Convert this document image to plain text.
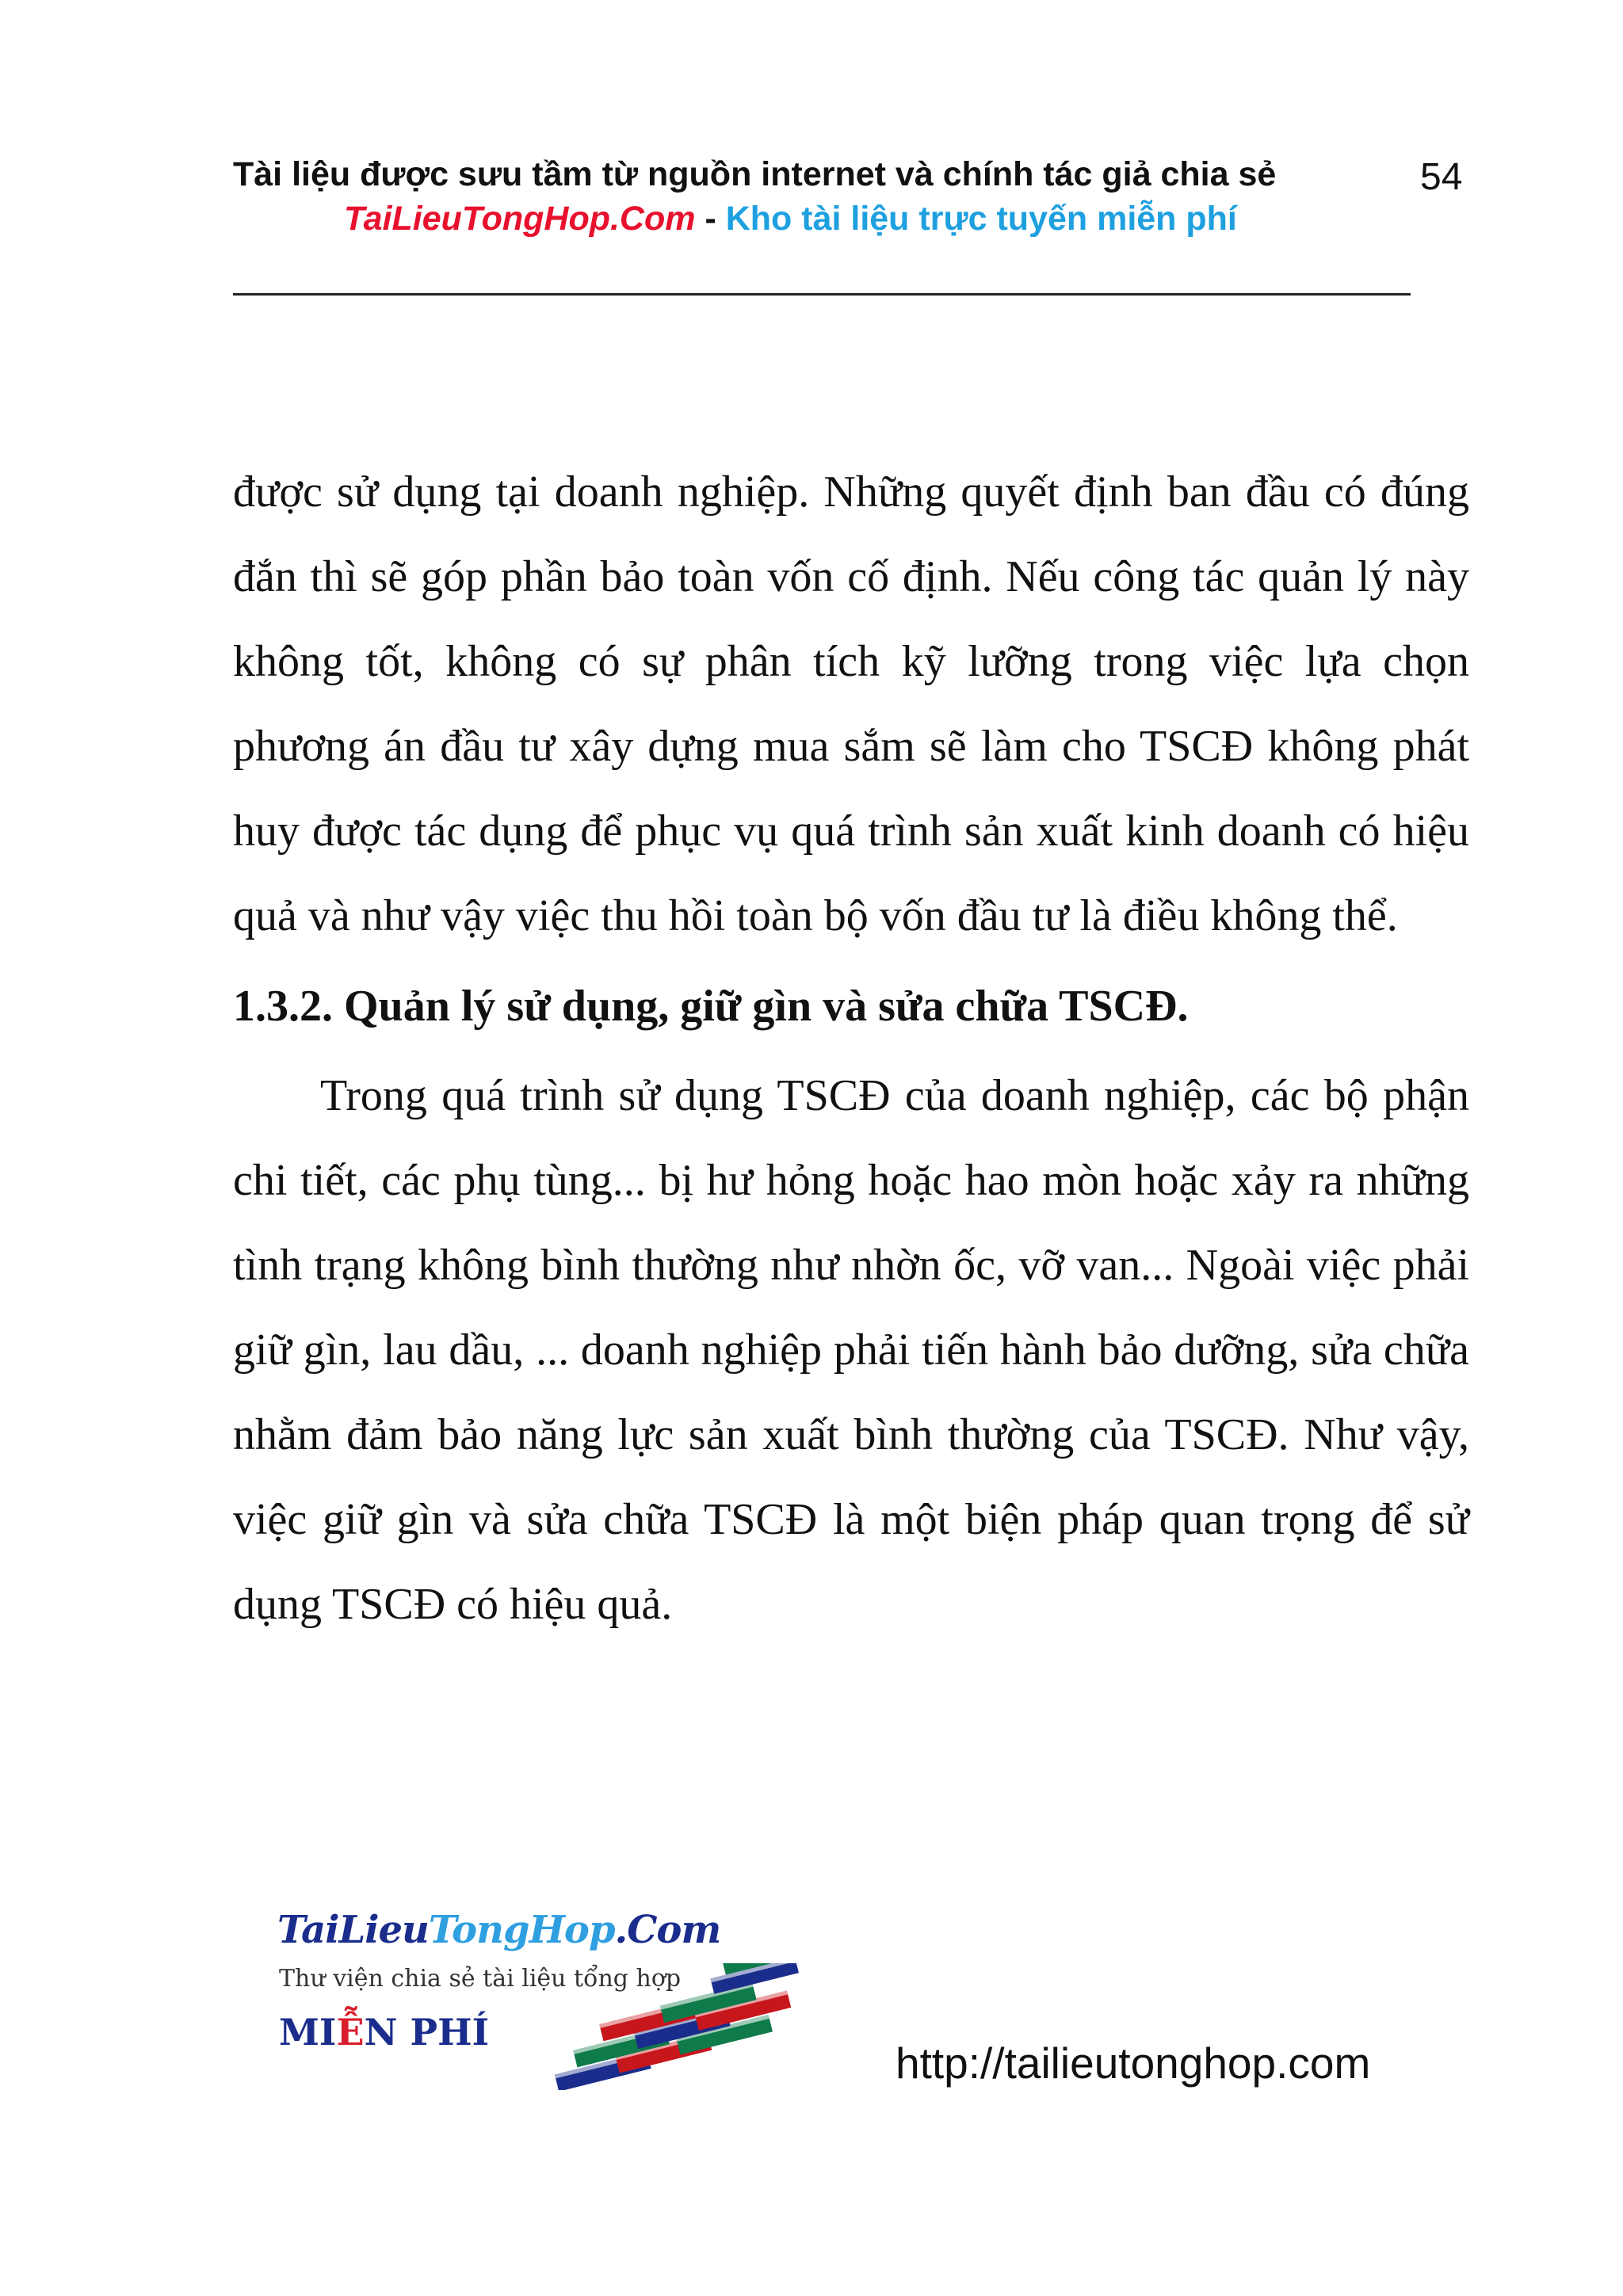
Tài liệu được sưu tầm từ nguồn internet và chính tác giả chia sẻ	54
TaiLieuTongHop.Com - Kho tài liệu trực tuyến miễn phí

được sử dụng tại doanh nghiệp. Những quyết định ban đầu có đúng đắn thì sẽ góp phần bảo toàn vốn cố định. Nếu công tác quản lý này không tốt, không có sự phân tích kỹ lưỡng trong việc lựa chọn phương án đầu tư xây dựng mua sắm sẽ làm cho TSCĐ không phát huy được tác dụng để phục vụ quá trình sản xuất kinh doanh có hiệu quả và như vậy việc thu hồi toàn bộ vốn đầu tư là điều không thể.

1.3.2. Quản lý sử dụng, giữ gìn và sửa chữa TSCĐ.

Trong quá trình sử dụng TSCĐ của doanh nghiệp, các bộ phận chi tiết, các phụ tùng... bị hư hỏng hoặc hao mòn hoặc xảy ra những tình trạng không bình thường như nhờn ốc, vỡ van... Ngoài việc phải giữ gìn, lau dầu, ... doanh nghiệp phải tiến hành bảo dưỡng, sửa chữa nhằm đảm bảo năng lực sản xuất bình thường của TSCĐ. Như vậy, việc giữ gìn và sửa chữa TSCĐ là một biện pháp quan trọng để sử dụng TSCĐ có hiệu quả.

TaiLieuTongHop.Com
Thư viện chia sẻ tài liệu tổng hợp
MIỄN PHÍ
http://tailieutonghop.com
